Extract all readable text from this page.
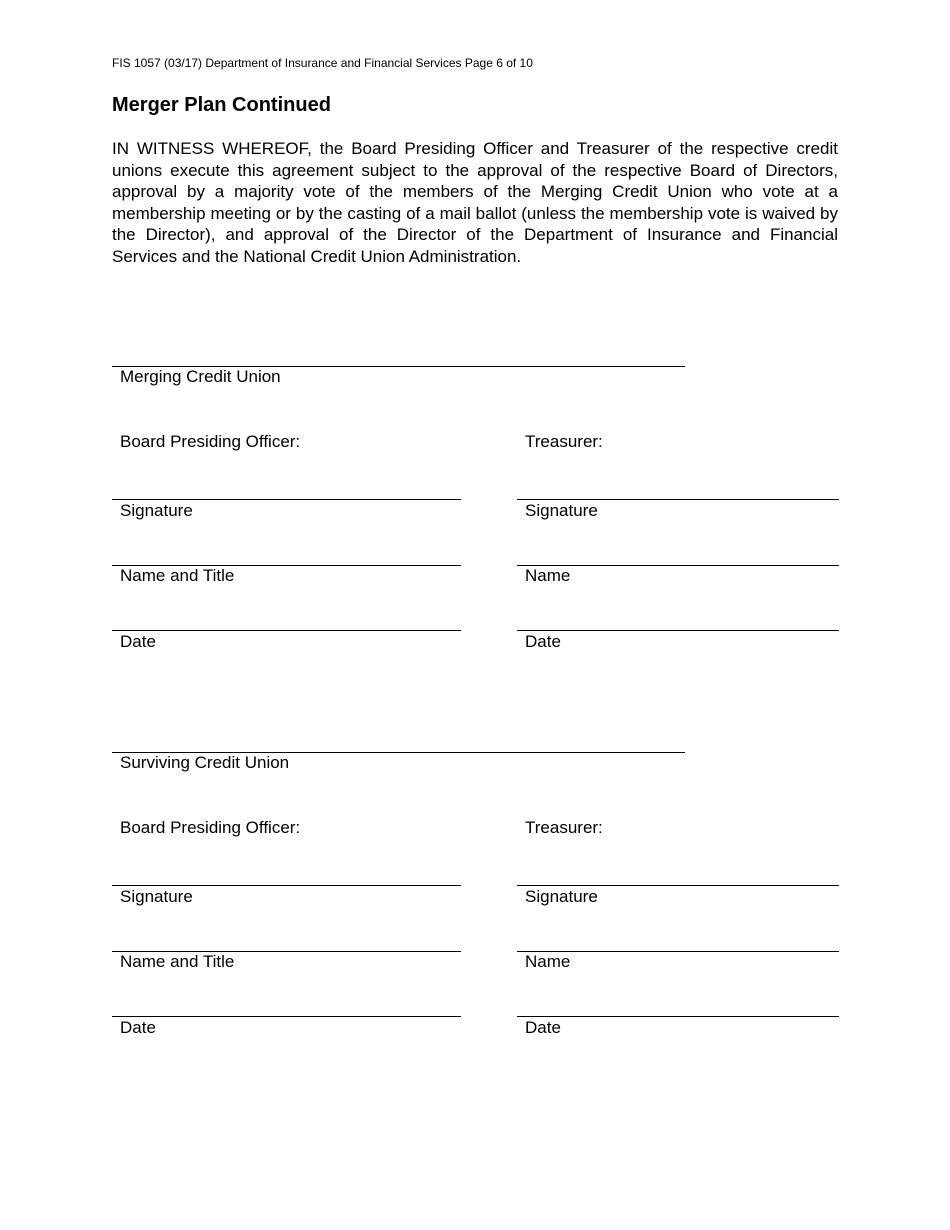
FIS 1057 (03/17) Department of Insurance and Financial Services Page 6 of 10
Merger Plan Continued

IN WITNESS WHEREOF, the Board Presiding Officer and Treasurer of the respective credit unions execute this agreement subject to the approval of the respective Board of Directors, approval by a majority vote of the members of the Merging Credit Union who vote at a membership meeting or by the casting of a mail ballot (unless the membership vote is waived by the Director), and approval of the Director of the Department of Insurance and Financial Services and the National Credit Union Administration.

Merging Credit Union
Board Presiding Officer:	Treasurer:
Signature	Signature
Name and Title	Name
Date	Date
Surviving Credit Union
Board Presiding Officer:	Treasurer:
Signature	Signature
Name and Title	Name
Date	Date
